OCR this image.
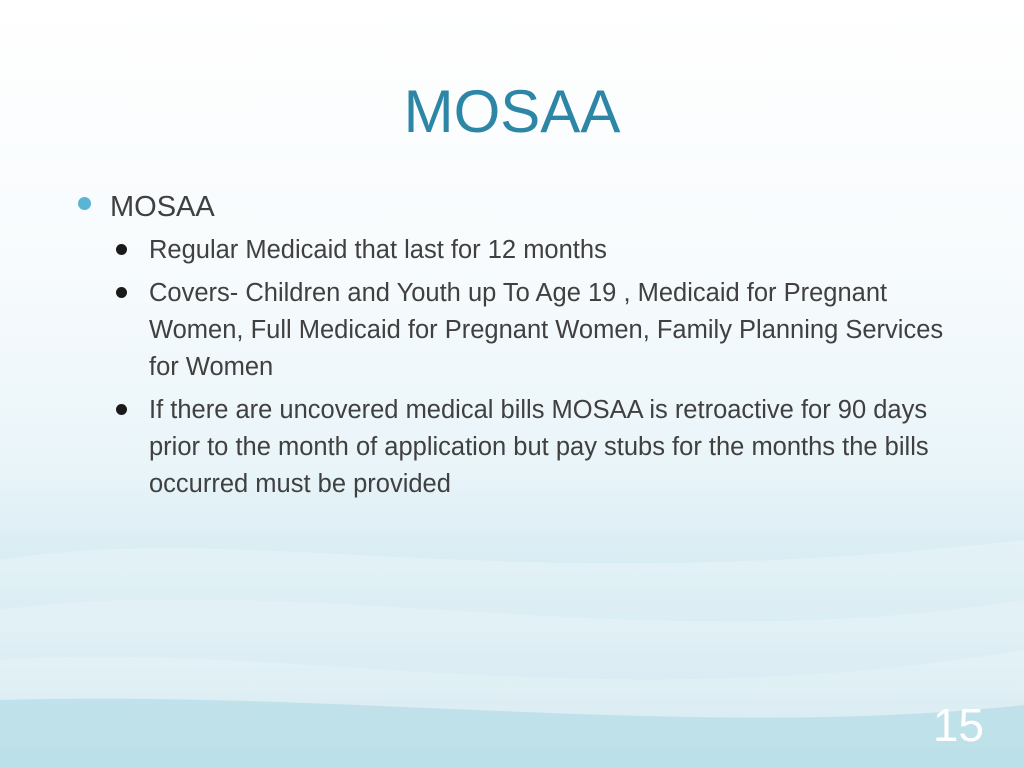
MOSAA
MOSAA
Regular Medicaid that last for 12 months
Covers- Children and Youth up To Age 19 , Medicaid for Pregnant Women, Full Medicaid for Pregnant Women, Family Planning Services for Women
If there are uncovered medical bills MOSAA is retroactive for 90 days prior to the month of application but pay stubs for the months the bills occurred must be provided
15
